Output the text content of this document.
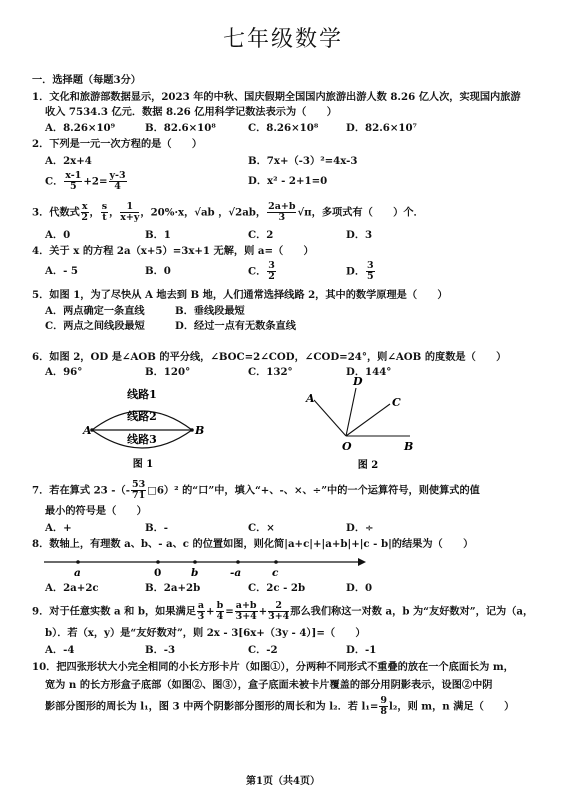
七年级数学
一．选择题（每题3分）
1．文化和旅游部数据显示，2023 年的中秋、国庆假期全国国内旅游出游人数 8.26 亿人次，实现国内旅游
收入 7534.3 亿元．数据 8.26 亿用科学记数法表示为（　　）
A．8.26×10⁹	B．82.6×10⁸	C．8.26×10⁸	D．82.6×10⁷
2．下列是一元一次方程的是（　　）
A．2x+4	B．7x+（-3）²=4x-3
C． $\frac{x-1}{5} +2= \frac{y-3}{4}$	D．x² - 2+1=0
3．代数式 $\frac{x}{2}$ ， $\frac{s}{t}$ ， $\frac{1}{x+y}$ ，20%·x，√ab ，√2ab， $\frac{2a+b}{3} √\pi$，多项式有（　　）个．
A．0	B．1	C．2	D．3
4．关于 x 的方程 2a（x+5）=3x+1 无解，则 a=（　　）
A．- 5	B．0	C． $\frac{3}{2}$	D． $\frac{3}{5}$
5．如图 1，为了尽快从 A 地去到 B 地，人们通常选择线路 2，其中的数学原理是（　　）
A．两点确定一条直线	B．垂线段最短
C．两点之间线段最短	D．经过一点有无数条直线
6．如图 2，OD 是∠AOB 的平分线，∠BOC=2∠COD，∠COD=24°，则∠AOB 的度数是（　　）
A．96°	B．120°	C．132°	D．144°
线路1
线路2
线路3
A	B
图 1
A
B
C
D
O
图 2
7．若在算式 23 -（- $\frac{53}{71}$ □6）² 的“口”中，填入“+、-、×、÷”中的一个运算符号，则使算式的值
最小的符号是（　　）
A．+	B．-	C．×	D．÷
8．数轴上，有理数 a、b、- a、c 的位置如图，则化简|a+c|+|a+b|+|c - b|的结果为（　　）
a	0	b	-a	c
A．2a+2c	B．2a+2b	C．2c - 2b	D．0
9．对于任意实数 a 和 b，如果满足 $\frac{a}{3} + \frac{b}{4} = \frac{a+b}{3+4} + \frac{2}{3+4}$ 那么我们称这一对数 a，b 为“友好数对”，记为（a，
b）．若（x，y）是“友好数对”，则 2x - 3[6x+（3y - 4）]=（　　）
A．-4	B．-3	C．-2	D．-1
10．把四张形状大小完全相同的小长方形卡片（如图①），分两种不同形式不重叠的放在一个底面长为 m，
宽为 n 的长方形盒子底部（如图②、图③），盒子底面未被卡片覆盖的部分用阴影表示，设图②中阴
影部分图形的周长为 l₁，图 3 中两个阴影部分图形的周长和为 l₂．若 $l_1= \frac{9}{8} l_2$，则 m，n 满足（　　）
第1页（共4页）
